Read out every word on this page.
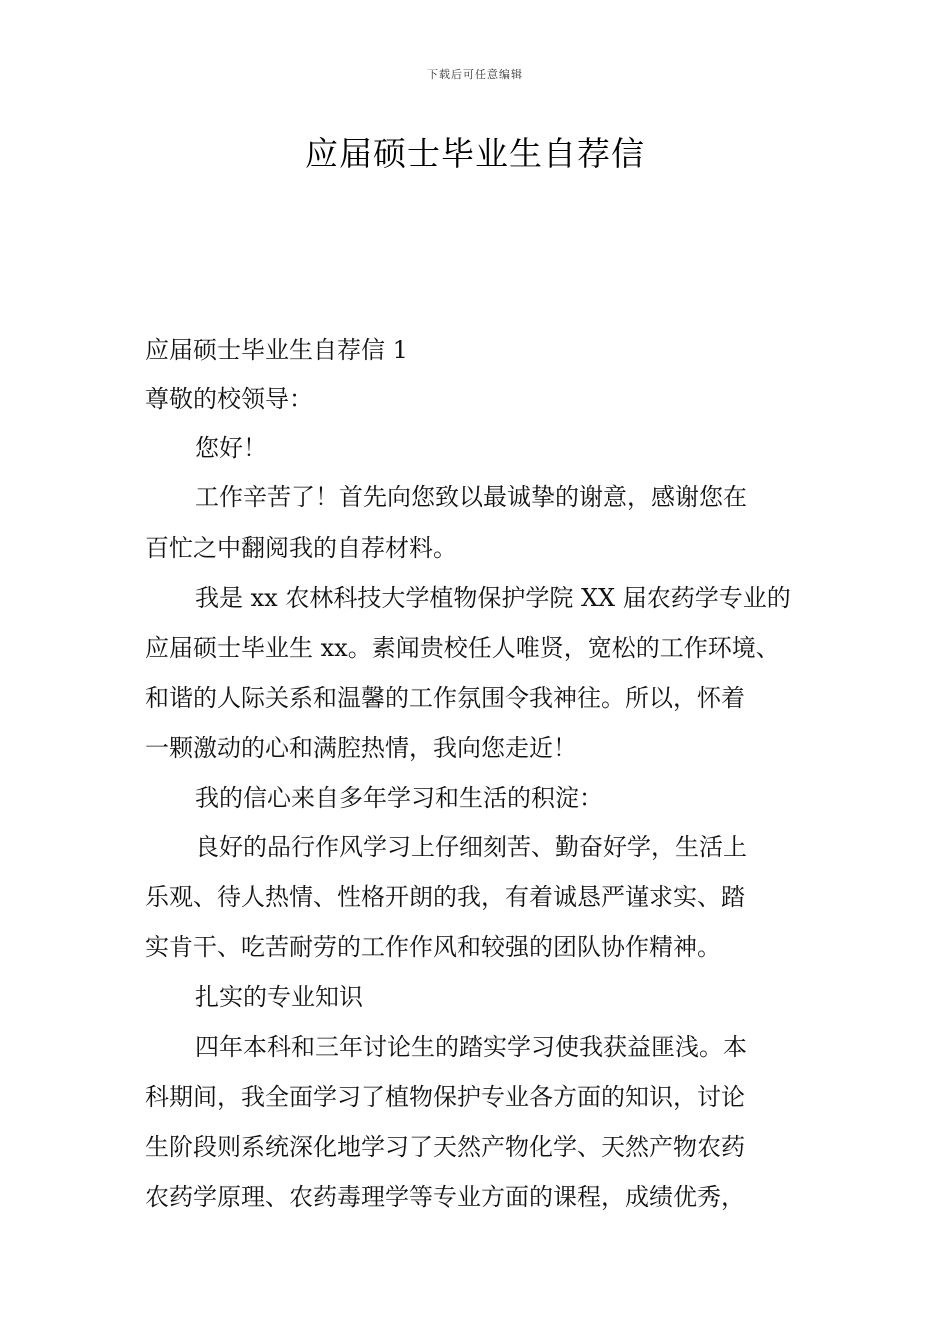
下载后可任意编辑
应届硕士毕业生自荐信
应届硕士毕业生自荐信 1
尊敬的校领导：
您好！
工作辛苦了！首先向您致以最诚挚的谢意，感谢您在
百忙之中翻阅我的自荐材料。
我是 xx 农林科技大学植物保护学院 XX 届农药学专业的
应届硕士毕业生 xx。素闻贵校任人唯贤，宽松的工作环境、
和谐的人际关系和温馨的工作氛围令我神往。所以，怀着
一颗激动的心和满腔热情，我向您走近！
我的信心来自多年学习和生活的积淀：
良好的品行作风学习上仔细刻苦、勤奋好学，生活上
乐观、待人热情、性格开朗的我，有着诚恳严谨求实、踏
实肯干、吃苦耐劳的工作作风和较强的团队协作精神。
扎实的专业知识
四年本科和三年讨论生的踏实学习使我获益匪浅。本
科期间，我全面学习了植物保护专业各方面的知识，讨论
生阶段则系统深化地学习了天然产物化学、天然产物农药
农药学原理、农药毒理学等专业方面的课程，成绩优秀，
